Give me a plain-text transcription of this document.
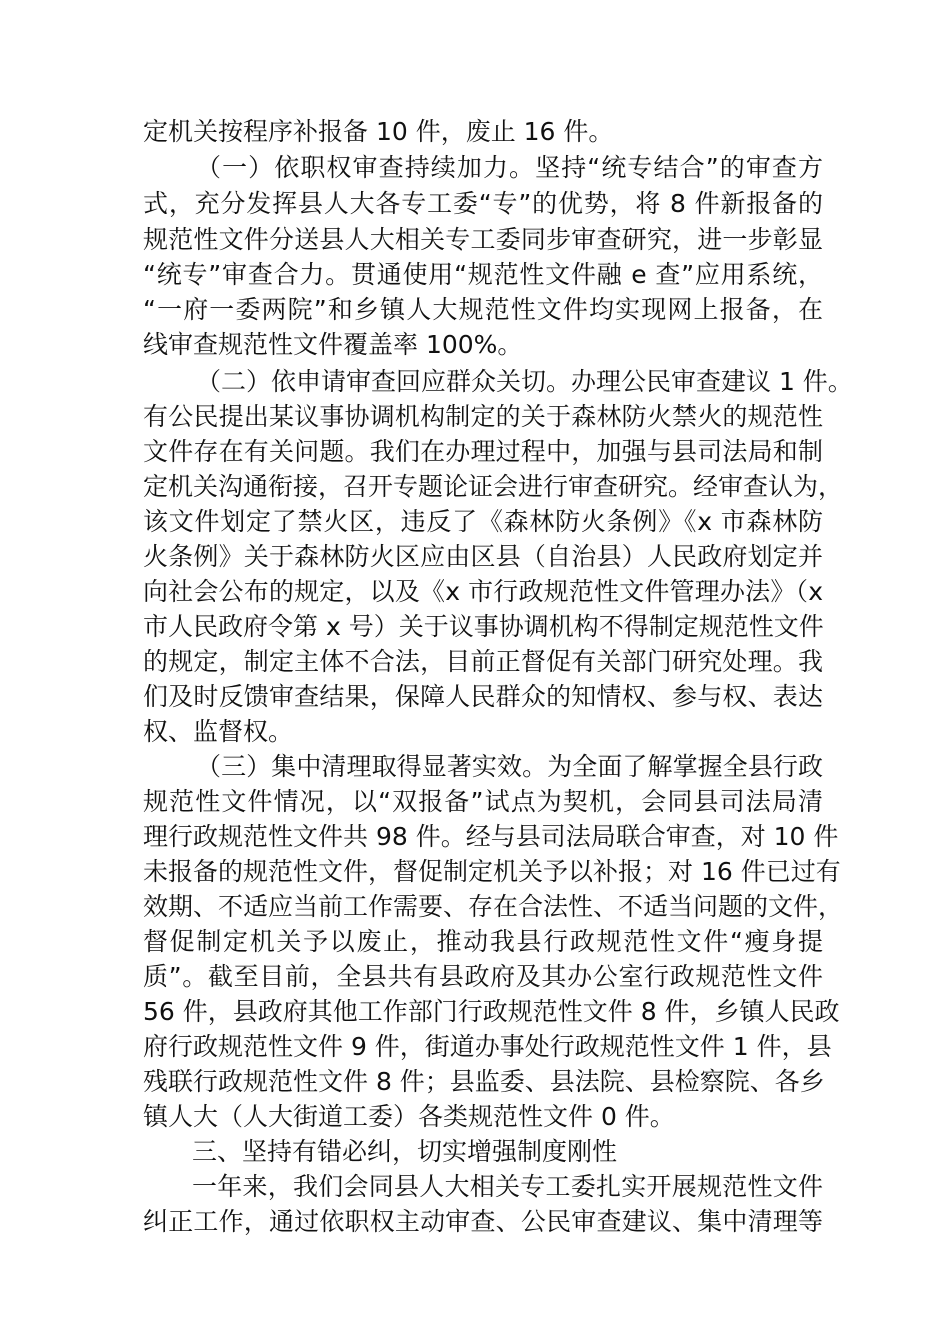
定机关按程序补报备 10 件，废止 16 件。
（一）依职权审查持续加力。坚持“统专结合”的审查方
式，充分发挥县人大各专工委“专”的优势，将 8 件新报备的
规范性文件分送县人大相关专工委同步审查研究，进一步彰显
“统专”审查合力。贯通使用“规范性文件融 e 查”应用系统，
“一府一委两院”和乡镇人大规范性文件均实现网上报备，在
线审查规范性文件覆盖率 100%。
（二）依申请审查回应群众关切。办理公民审查建议 1 件。
有公民提出某议事协调机构制定的关于森林防火禁火的规范性
文件存在有关问题。我们在办理过程中，加强与县司法局和制
定机关沟通衔接，召开专题论证会进行审查研究。经审查认为，
该文件划定了禁火区，违反了《森林防火条例》《x 市森林防
火条例》关于森林防火区应由区县（自治县）人民政府划定并
向社会公布的规定，以及《x 市行政规范性文件管理办法》（x
市人民政府令第 x 号）关于议事协调机构不得制定规范性文件
的规定，制定主体不合法，目前正督促有关部门研究处理。我
们及时反馈审查结果，保障人民群众的知情权、参与权、表达
权、监督权。
（三）集中清理取得显著实效。为全面了解掌握全县行政
规范性文件情况，以“双报备”试点为契机，会同县司法局清
理行政规范性文件共 98 件。经与县司法局联合审查，对 10 件
未报备的规范性文件，督促制定机关予以补报；对 16 件已过有
效期、不适应当前工作需要、存在合法性、不适当问题的文件，
督促制定机关予以废止，推动我县行政规范性文件“瘦身提
质”。截至目前，全县共有县政府及其办公室行政规范性文件
56 件，县政府其他工作部门行政规范性文件 8 件，乡镇人民政
府行政规范性文件 9 件，街道办事处行政规范性文件 1 件，县
残联行政规范性文件 8 件；县监委、县法院、县检察院、各乡
镇人大（人大街道工委）各类规范性文件 0 件。
三、坚持有错必纠，切实增强制度刚性
一年来，我们会同县人大相关专工委扎实开展规范性文件
纠正工作，通过依职权主动审查、公民审查建议、集中清理等
